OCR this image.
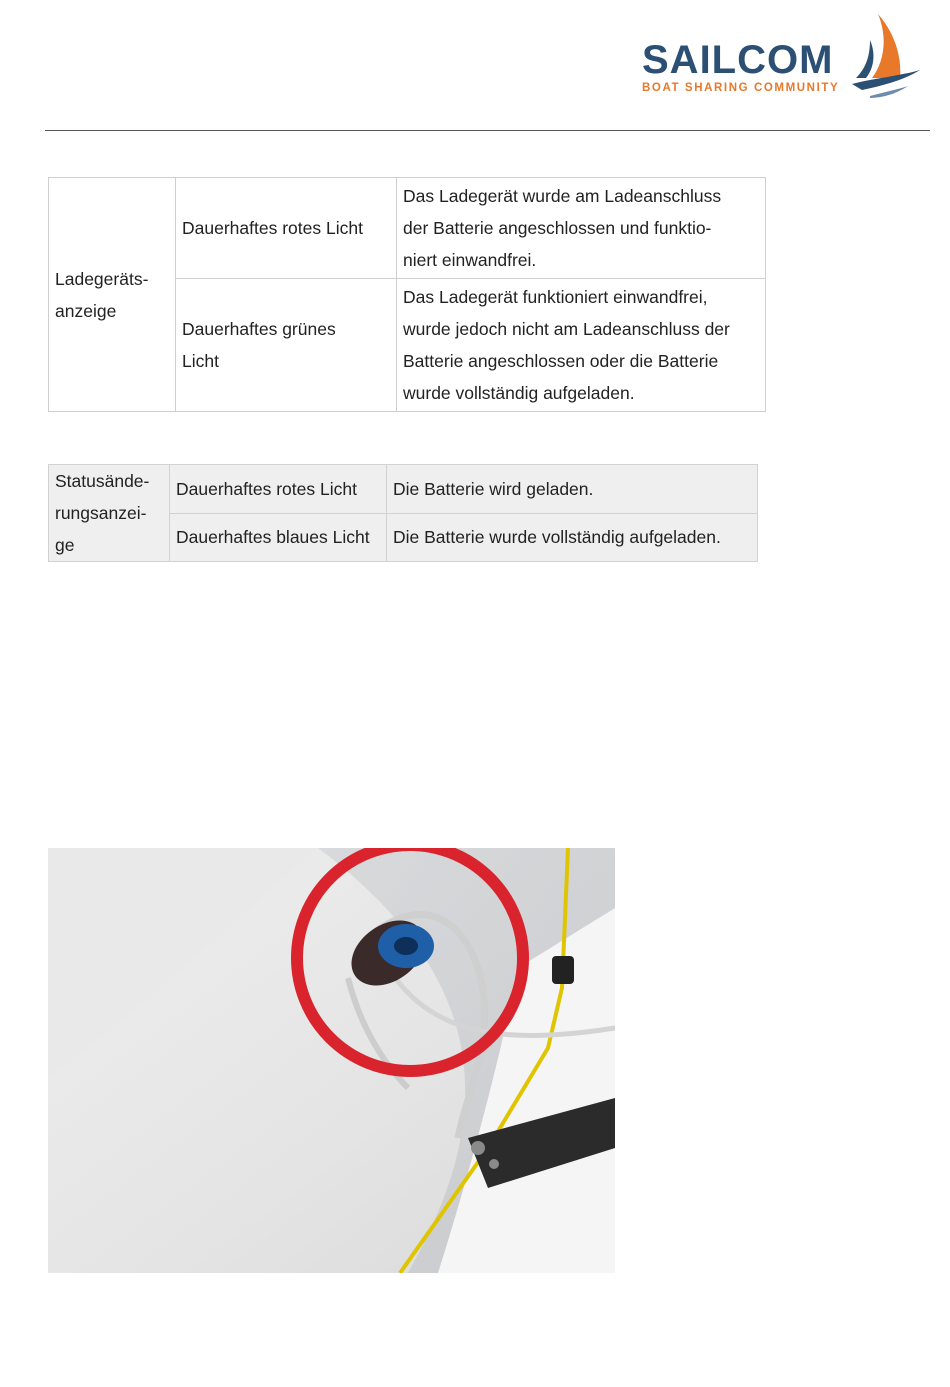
SAILCOM
BOAT SHARING COMMUNITY
Ladegeräts-
anzeige	Dauerhaftes rotes Licht	Das Ladegerät wurde am Ladeanschluss
der Batterie angeschlossen und funktio-
niert einwandfrei.
	Dauerhaftes grünes
Licht	Das Ladegerät funktioniert einwandfrei,
wurde jedoch nicht am Ladeanschluss der
Batterie angeschlossen oder die Batterie
wurde vollständig aufgeladen.
Statusände-
rungsanzei-
ge	Dauerhaftes rotes Licht	Die Batterie wird geladen.
	Dauerhaftes blaues Licht	Die Batterie wurde vollständig aufgeladen.
